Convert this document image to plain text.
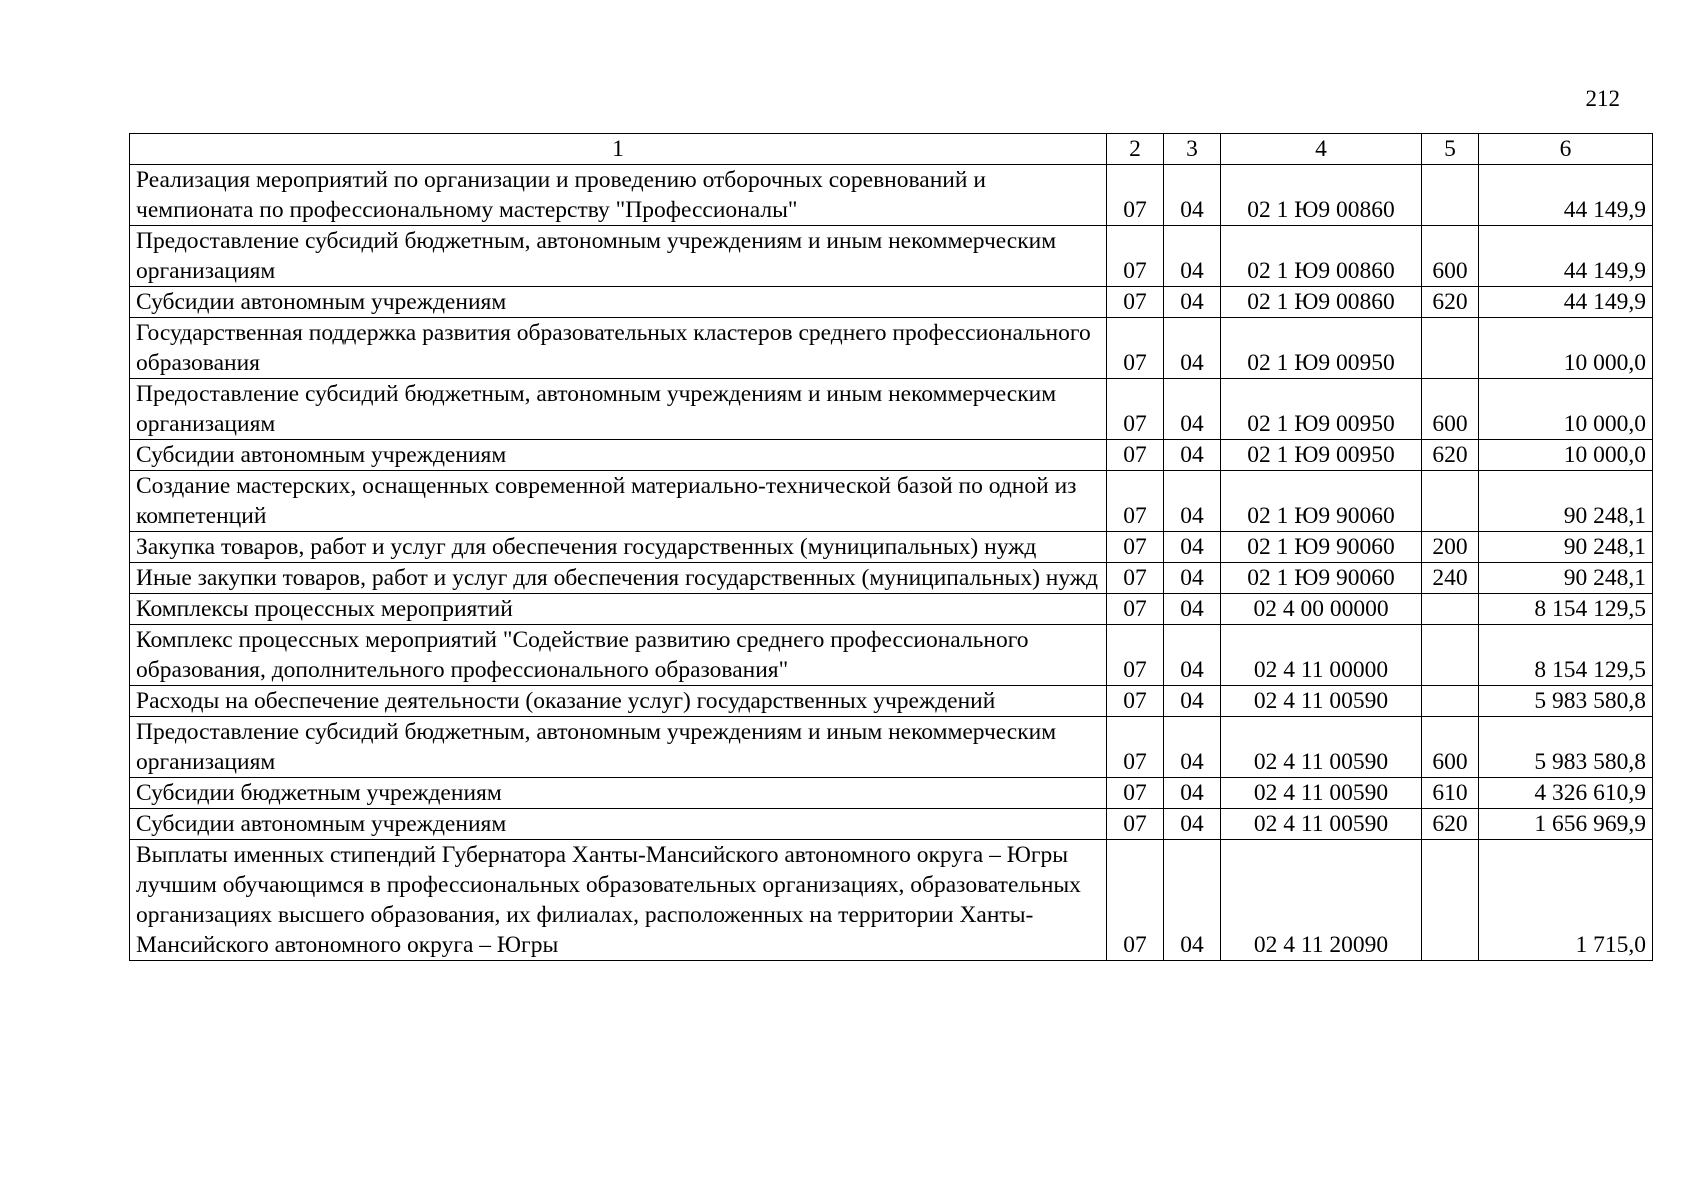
212
1	2	3	4	5	6
Реализация мероприятий по организации и проведению отборочных соревнований и чемпионата по профессиональному мастерству "Профессионалы"	07	04	02 1 Ю9 00860		44 149,9
Предоставление субсидий бюджетным, автономным учреждениям и иным некоммерческим организациям	07	04	02 1 Ю9 00860	600	44 149,9
Субсидии автономным учреждениям	07	04	02 1 Ю9 00860	620	44 149,9
Государственная поддержка развития образовательных кластеров среднего профессионального образования	07	04	02 1 Ю9 00950		10 000,0
Предоставление субсидий бюджетным, автономным учреждениям и иным некоммерческим организациям	07	04	02 1 Ю9 00950	600	10 000,0
Субсидии автономным учреждениям	07	04	02 1 Ю9 00950	620	10 000,0
Создание мастерских, оснащенных современной материально-технической базой по одной из компетенций	07	04	02 1 Ю9 90060		90 248,1
Закупка товаров, работ и услуг для обеспечения государственных (муниципальных) нужд	07	04	02 1 Ю9 90060	200	90 248,1
Иные закупки товаров, работ и услуг для обеспечения государственных (муниципальных) нужд	07	04	02 1 Ю9 90060	240	90 248,1
Комплексы процессных мероприятий	07	04	02 4 00 00000		8 154 129,5
Комплекс процессных мероприятий "Содействие развитию среднего профессионального образования, дополнительного профессионального образования"	07	04	02 4 11 00000		8 154 129,5
Расходы на обеспечение деятельности (оказание услуг) государственных учреждений	07	04	02 4 11 00590		5 983 580,8
Предоставление субсидий бюджетным, автономным учреждениям и иным некоммерческим организациям	07	04	02 4 11 00590	600	5 983 580,8
Субсидии бюджетным учреждениям	07	04	02 4 11 00590	610	4 326 610,9
Субсидии автономным учреждениям	07	04	02 4 11 00590	620	1 656 969,9
Выплаты именных стипендий Губернатора Ханты-Мансийского автономного округа – Югры лучшим обучающимся в профессиональных образовательных организациях, образовательных организациях высшего образования, их филиалах, расположенных на территории Ханты-Мансийского автономного округа – Югры	07	04	02 4 11 20090		1 715,0
